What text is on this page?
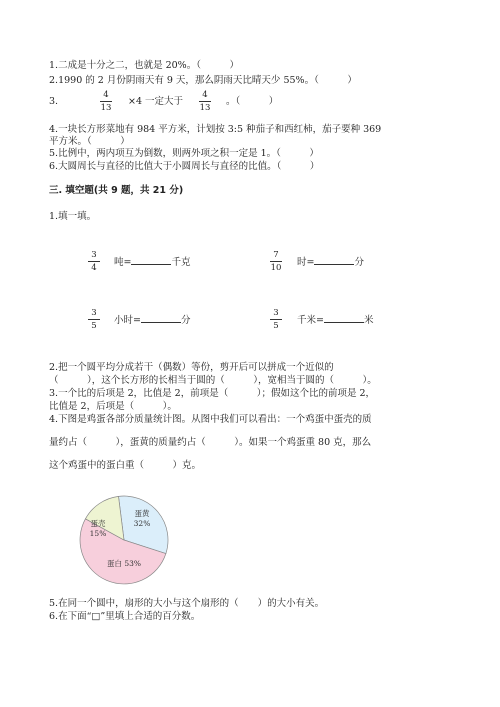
1.二成是十分之二，也就是 20%。（　　　）
2.1990 的 2 月份阴雨天有 9 天，那么阴雨天比晴天少 55%。（　　　）
3.
4
13
×4 一定大于
4
13
。（　　　）
4.一块长方形菜地有 984 平方米，计划按 3:5 种茄子和西红柿，茄子要种 369
平方米。（　　　）
5.比例中，两内项互为倒数，则两外项之积一定是 1。（　　　）
6.大圆周长与直径的比值大于小圆周长与直径的比值。（　　　）
三. 填空题(共 9 题，共 21 分)
1.填一填。
3
4 吨=	千克
7
10 时=	分
3
5 小时=	分
3
5 千米=	米
2.把一个圆平均分成若干（偶数）等份，剪开后可以拼成一个近似的
（　　　），这个长方形的长相当于圆的（　　　），宽相当于圆的（　　　）。
3.一个比的后项是 2，比值是 2，前项是（　　　）；假如这个比的前项是 2，
比值是 2，后项是（　　　）。
4.下图是鸡蛋各部分质量统计图。从图中我们可以看出：一个鸡蛋中蛋壳的质
量约占（　　　），蛋黄的质量约占（　　　）。如果一个鸡蛋重 80 克，那么
这个鸡蛋中的蛋白重（　　　）克。
蛋黄
32%
蛋白 53%
蛋壳
15%
5.在同一个圆中，扇形的大小与这个扇形的（　　）的大小有关。
6.在下面“□”里填上合适的百分数。
